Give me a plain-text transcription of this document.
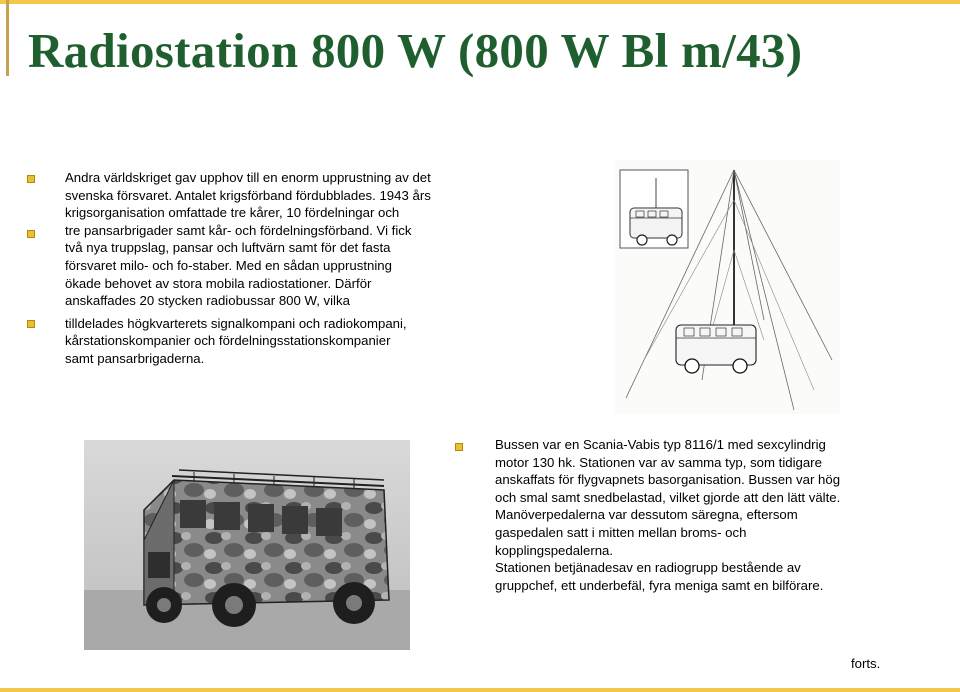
Radiostation 800 W (800 W Bl m/43)

Andra världskriget gav upphov till en enorm upprustning av det

svenska försvaret. Antalet krigsförband fördubblades. 1943 års

krigsorganisation omfattade tre kårer, 10 fördelningar och

tre pansarbrigader samt kår- och fördelningsförband. Vi fick

två nya truppslag, pansar och luftvärn samt för det fasta

försvaret milo- och fo-staber. Med en sådan upprustning

ökade behovet av stora mobila radiostationer. Därför

anskaffades 20 stycken radiobussar 800 W, vilka

tilldelades högkvarterets signalkompani och radiokompani,

kårstationskompanier och fördelningsstationskompanier

samt pansarbrigaderna.

Bussen var en Scania-Vabis typ 8116/1 med sexcylindrig

motor 130 hk. Stationen var av samma typ, som tidigare

anskaffats för flygvapnets basorganisation. Bussen var hög

och smal samt snedbelastad, vilket gjorde att den lätt välte.

Manöverpedalerna var dessutom säregna, eftersom

gaspedalen satt i mitten mellan broms- och

kopplingspedalerna.

Stationen betjänadesav en radiogrupp bestående av

gruppchef, ett underbefäl, fyra meniga samt en bilförare.

forts.
